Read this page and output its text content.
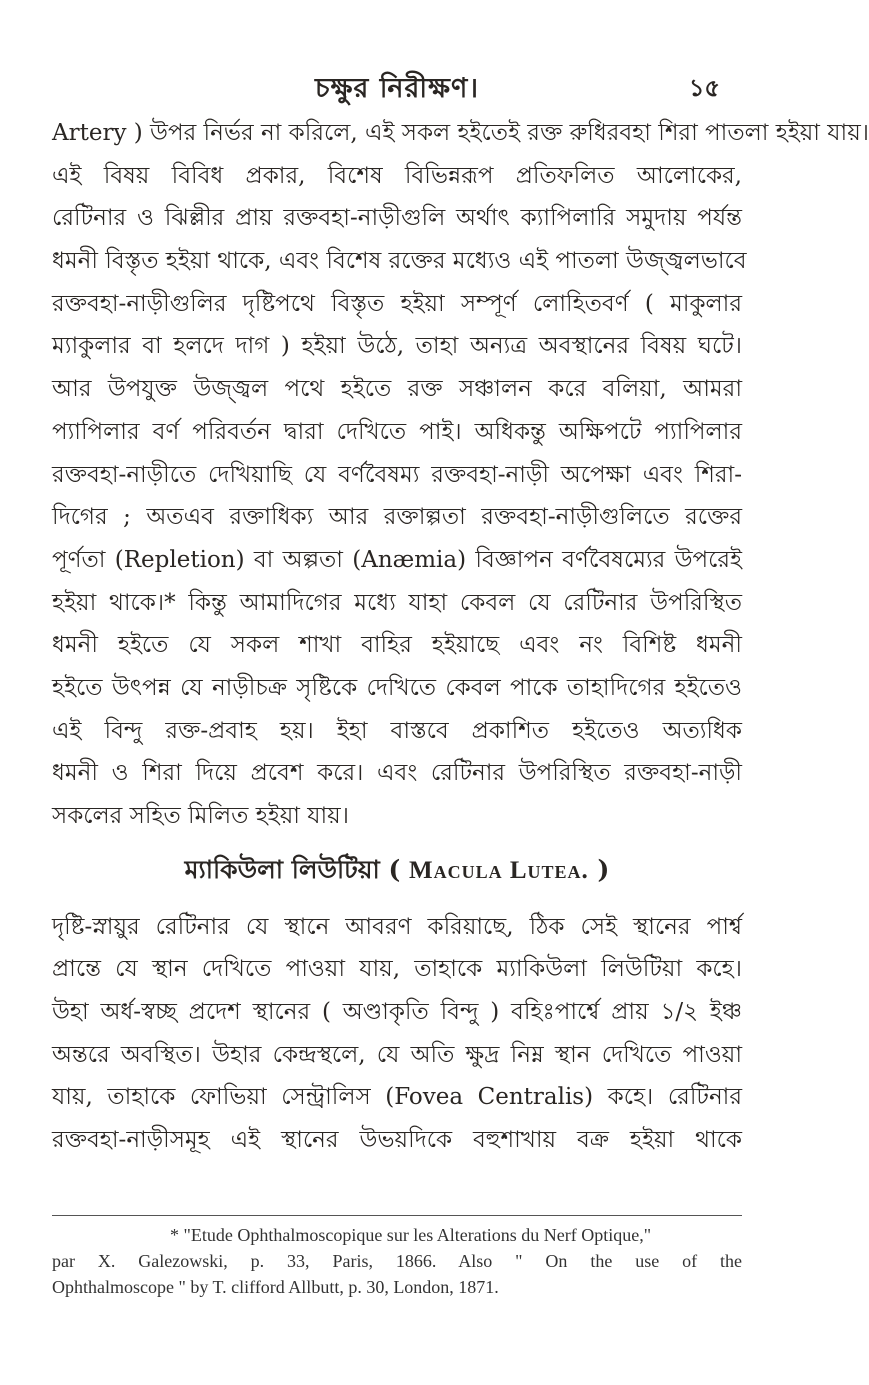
চক্ষুর নিরীক্ষণ।	১৫
Artery ) উপর নির্ভর না করিলে, এই সকল হইতেই রক্ত রুধিরবহা শিরা পাতলা হইয়া যায়।
এই বিষয় বিবিধ প্রকার, বিশেষ বিভিন্নরূপ প্রতিফলিত আলোকের,
রেটিনার ও ঝিল্লীর প্রায় রক্তবহা-নাড়ীগুলি অর্থাৎ ক্যাপিলারি সমুদায় পর্যন্ত
ধমনী বিস্তৃত হইয়া থাকে, এবং বিশেষ রক্তের মধ্যেও এই পাতলা উজ্জ্বলভাবে
রক্তবহা-নাড়ীগুলির দৃষ্টিপথে বিস্তৃত হইয়া সম্পূর্ণ লোহিতবর্ণ ( মাকুলার
ম্যাকুলার বা হলদে দাগ ) হইয়া উঠে, তাহা অন্যত্র অবস্থানের বিষয় ঘটে।
আর উপযুক্ত উজ্জ্বল পথে হইতে রক্ত সঞ্চালন করে বলিয়া, আমরা
প্যাপিলার বর্ণ পরিবর্তন দ্বারা দেখিতে পাই। অধিকন্তু অক্ষিপটে প্যাপিলার
রক্তবহা-নাড়ীতে দেখিয়াছি যে বর্ণবৈষম্য রক্তবহা-নাড়ী অপেক্ষা এবং শিরা-
দিগের ; অতএব রক্তাধিক্য আর রক্তাল্পতা রক্তবহা-নাড়ীগুলিতে রক্তের
পূর্ণতা (Repletion) বা অল্পতা (Anæmia) বিজ্ঞাপন বর্ণবৈষম্যের উপরেই
হইয়া থাকে।* কিন্তু আমাদিগের মধ্যে যাহা কেবল যে রেটিনার উপরিস্থিত
ধমনী হইতে যে সকল শাখা বাহির হইয়াছে এবং নং বিশিষ্ট ধমনী
হইতে উৎপন্ন যে নাড়ীচক্র সৃষ্টিকে দেখিতে কেবল পাকে তাহাদিগের হইতেও
এই বিন্দু রক্ত-প্রবাহ হয়। ইহা বাস্তবে প্রকাশিত হইতেও অত্যধিক
ধমনী ও শিরা দিয়ে প্রবেশ করে। এবং রেটিনার উপরিস্থিত রক্তবহা-নাড়ী
সকলের সহিত মিলিত হইয়া যায়।
ম্যাকিউলা লিউটিয়া ( Macula Lutea. )
দৃষ্টি-স্নায়ুর রেটিনার যে স্থানে আবরণ করিয়াছে, ঠিক সেই স্থানের পার্শ্ব
প্রান্তে যে স্থান দেখিতে পাওয়া যায়, তাহাকে ম্যাকিউলা লিউটিয়া কহে।
উহা অর্ধ-স্বচ্ছ প্রদেশ স্থানের ( অণ্ডাকৃতি বিন্দু ) বহিঃপার্শ্বে প্রায় ১/২ ইঞ্চ
অন্তরে অবস্থিত। উহার কেন্দ্রস্থলে, যে অতি ক্ষুদ্র নিম্ন স্থান দেখিতে পাওয়া
যায়, তাহাকে ফোভিয়া সেন্ট্রালিস (Fovea Centralis) কহে। রেটিনার
রক্তবহা-নাড়ীসমূহ এই স্থানের উভয়দিকে বহুশাখায় বক্র হইয়া থাকে
* "Etude Ophthalmoscopique sur les Alterations du Nerf Optique,"
par X. Galezowski, p. 33, Paris, 1866. Also " On the use of the
Ophthalmoscope " by T. clifford Allbutt, p. 30, London, 1871.
